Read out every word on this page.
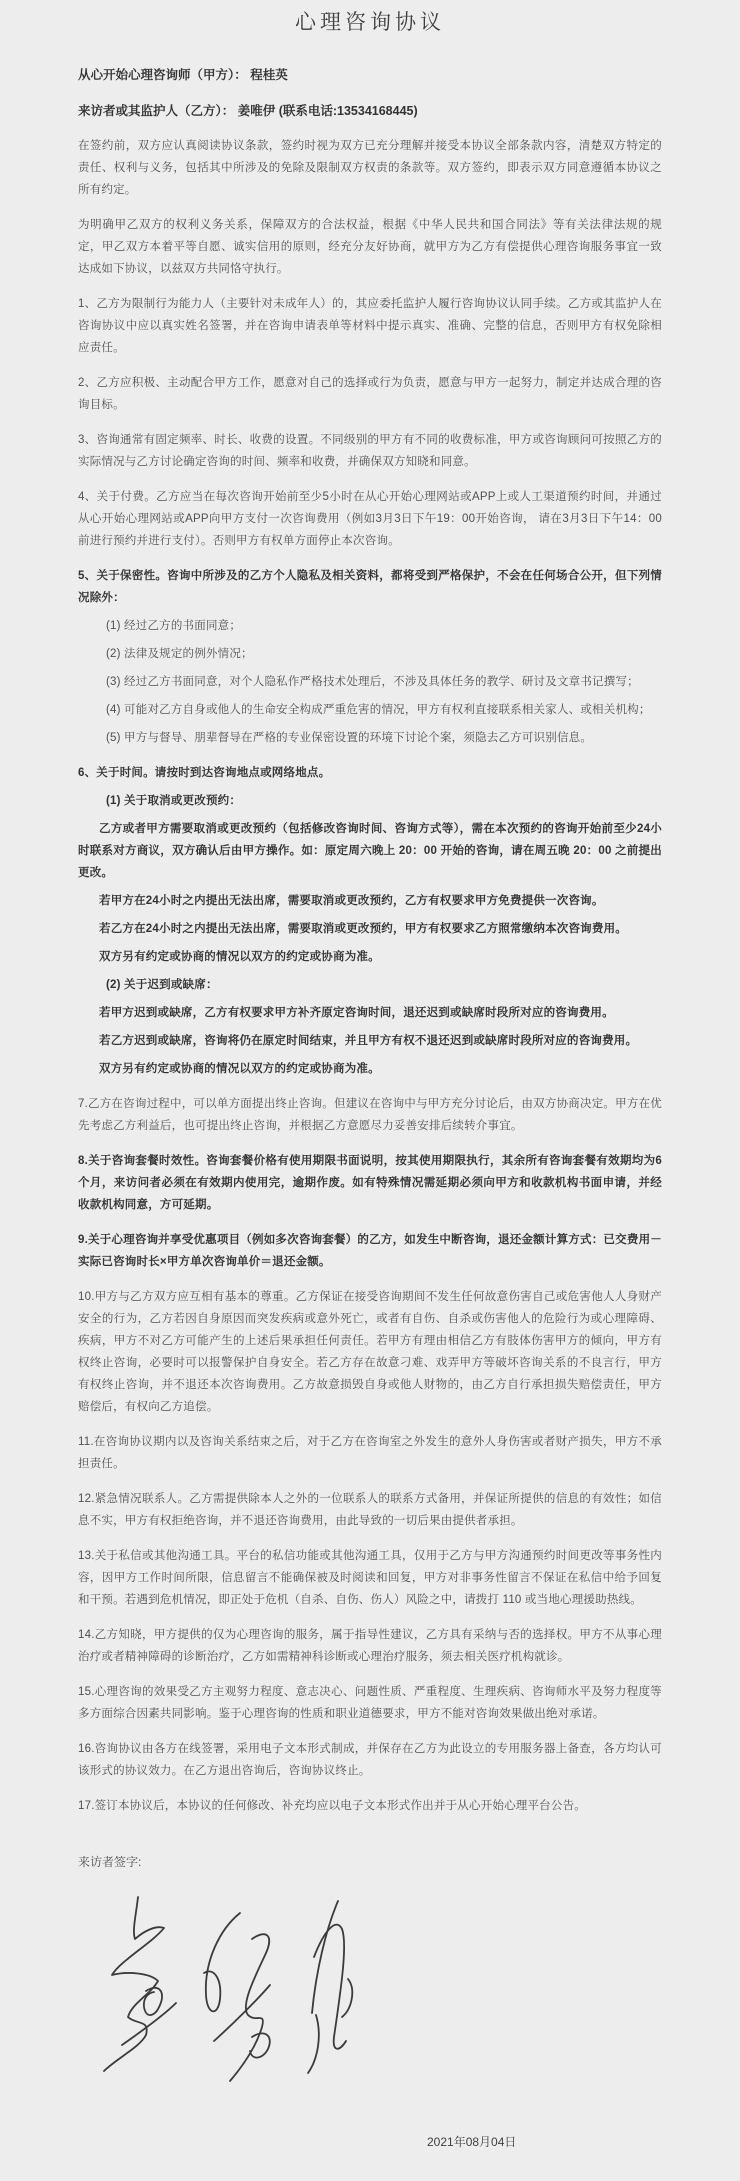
心理咨询协议
从心开始心理咨询师（甲方）： 程桂英
来访者或其监护人（乙方）： 姜唯伊 (联系电话:13534168445)

在签约前，双方应认真阅读协议条款，签约时视为双方已充分理解并接受本协议全部条款内容，清楚双方特定的责任、权利与义务，包括其中所涉及的免除及限制双方权责的条款等。双方签约，即表示双方同意遵循本协议之所有约定。

为明确甲乙双方的权利义务关系，保障双方的合法权益，根据《中华人民共和国合同法》等有关法律法规的规定，甲乙双方本着平等自愿、诚实信用的原则，经充分友好协商，就甲方为乙方有偿提供心理咨询服务事宜一致达成如下协议，以兹双方共同恪守执行。

1、乙方为限制行为能力人（主要针对未成年人）的，其应委托监护人履行咨询协议认同手续。乙方或其监护人在咨询协议中应以真实姓名签署，并在咨询申请表单等材料中提示真实、准确、完整的信息，否则甲方有权免除相应责任。

2、乙方应积极、主动配合甲方工作，愿意对自己的选择或行为负责，愿意与甲方一起努力，制定并达成合理的咨询目标。

3、咨询通常有固定频率、时长、收费的设置。不同级别的甲方有不同的收费标准，甲方或咨询顾问可按照乙方的实际情况与乙方讨论确定咨询的时间、频率和收费，并确保双方知晓和同意。

4、关于付费。乙方应当在每次咨询开始前至少5小时在从心开始心理网站或APP上或人工渠道预约时间，并通过从心开始心理网站或APP向甲方支付一次咨询费用（例如3月3日下午19：00开始咨询， 请在3月3日下午14：00前进行预约并进行支付）。否则甲方有权单方面停止本次咨询。

5、关于保密性。咨询中所涉及的乙方个人隐私及相关资料，都将受到严格保护，不会在任何场合公开，但下列情况除外：

(1) 经过乙方的书面同意；

(2) 法律及规定的例外情况；

(3) 经过乙方书面同意，对个人隐私作严格技术处理后，不涉及具体任务的教学、研讨及文章书记撰写；

(4) 可能对乙方自身或他人的生命安全构成严重危害的情况，甲方有权利直接联系相关家人、或相关机构；

(5) 甲方与督导、朋辈督导在严格的专业保密设置的环境下讨论个案，须隐去乙方可识别信息。

6、关于时间。请按时到达咨询地点或网络地点。

(1) 关于取消或更改预约：

乙方或者甲方需要取消或更改预约（包括修改咨询时间、咨询方式等），需在本次预约的咨询开始前至少24小时联系对方商议，双方确认后由甲方操作。如：原定周六晚上 20：00 开始的咨询，请在周五晚 20：00 之前提出更改。

若甲方在24小时之内提出无法出席，需要取消或更改预约，乙方有权要求甲方免费提供一次咨询。

若乙方在24小时之内提出无法出席，需要取消或更改预约，甲方有权要求乙方照常缴纳本次咨询费用。

双方另有约定或协商的情况以双方的约定或协商为准。

(2) 关于迟到或缺席：

若甲方迟到或缺席，乙方有权要求甲方补齐原定咨询时间，退还迟到或缺席时段所对应的咨询费用。

若乙方迟到或缺席，咨询将仍在原定时间结束，并且甲方有权不退还迟到或缺席时段所对应的咨询费用。

双方另有约定或协商的情况以双方的约定或协商为准。

7.乙方在咨询过程中，可以单方面提出终止咨询。但建议在咨询中与甲方充分讨论后，由双方协商决定。甲方在优先考虑乙方利益后，也可提出终止咨询，并根据乙方意愿尽力妥善安排后续转介事宜。

8.关于咨询套餐时效性。咨询套餐价格有使用期限书面说明，按其使用期限执行，其余所有咨询套餐有效期均为6个月，来访问者必须在有效期内使用完，逾期作废。如有特殊情况需延期必须向甲方和收款机构书面申请，并经收款机构同意，方可延期。

9.关于心理咨询并享受优惠项目（例如多次咨询套餐）的乙方，如发生中断咨询，退还金额计算方式：已交费用－实际已咨询时长×甲方单次咨询单价＝退还金额。

10.甲方与乙方双方应互相有基本的尊重。乙方保证在接受咨询期间不发生任何故意伤害自己或危害他人人身财产安全的行为，乙方若因自身原因而突发疾病或意外死亡，或者有自伤、自杀或伤害他人的危险行为或心理障碍、疾病，甲方不对乙方可能产生的上述后果承担任何责任。若甲方有理由相信乙方有肢体伤害甲方的倾向，甲方有权终止咨询，必要时可以报警保护自身安全。若乙方存在故意刁难、戏弄甲方等破坏咨询关系的不良言行，甲方有权终止咨询，并不退还本次咨询费用。乙方故意损毁自身或他人财物的，由乙方自行承担损失赔偿责任，甲方赔偿后，有权向乙方追偿。

11.在咨询协议期内以及咨询关系结束之后，对于乙方在咨询室之外发生的意外人身伤害或者财产损失，甲方不承担责任。

12.紧急情况联系人。乙方需提供除本人之外的一位联系人的联系方式备用，并保证所提供的信息的有效性；如信息不实，甲方有权拒绝咨询，并不退还咨询费用，由此导致的一切后果由提供者承担。

13.关于私信或其他沟通工具。平台的私信功能或其他沟通工具，仅用于乙方与甲方沟通预约时间更改等事务性内容，因甲方工作时间所限，信息留言不能确保被及时阅读和回复，甲方对非事务性留言不保证在私信中给予回复和干预。若遇到危机情况，即正处于危机（自杀、自伤、伤人）风险之中，请拨打 110 或当地心理援助热线。

14.乙方知晓，甲方提供的仅为心理咨询的服务，属于指导性建议，乙方具有采纳与否的选择权。甲方不从事心理治疗或者精神障碍的诊断治疗，乙方如需精神科诊断或心理治疗服务，须去相关医疗机构就诊。

15.心理咨询的效果受乙方主观努力程度、意志决心、问题性质、严重程度、生理疾病、咨询师水平及努力程度等多方面综合因素共同影响。鉴于心理咨询的性质和职业道德要求，甲方不能对咨询效果做出绝对承诺。

16.咨询协议由各方在线签署，采用电子文本形式制成，并保存在乙方为此设立的专用服务器上备查，各方均认可该形式的协议效力。在乙方退出咨询后，咨询协议终止。

17.签订本协议后，本协议的任何修改、补充均应以电子文本形式作出并于从心开始心理平台公告。

来访者签字:
2021年08月04日
